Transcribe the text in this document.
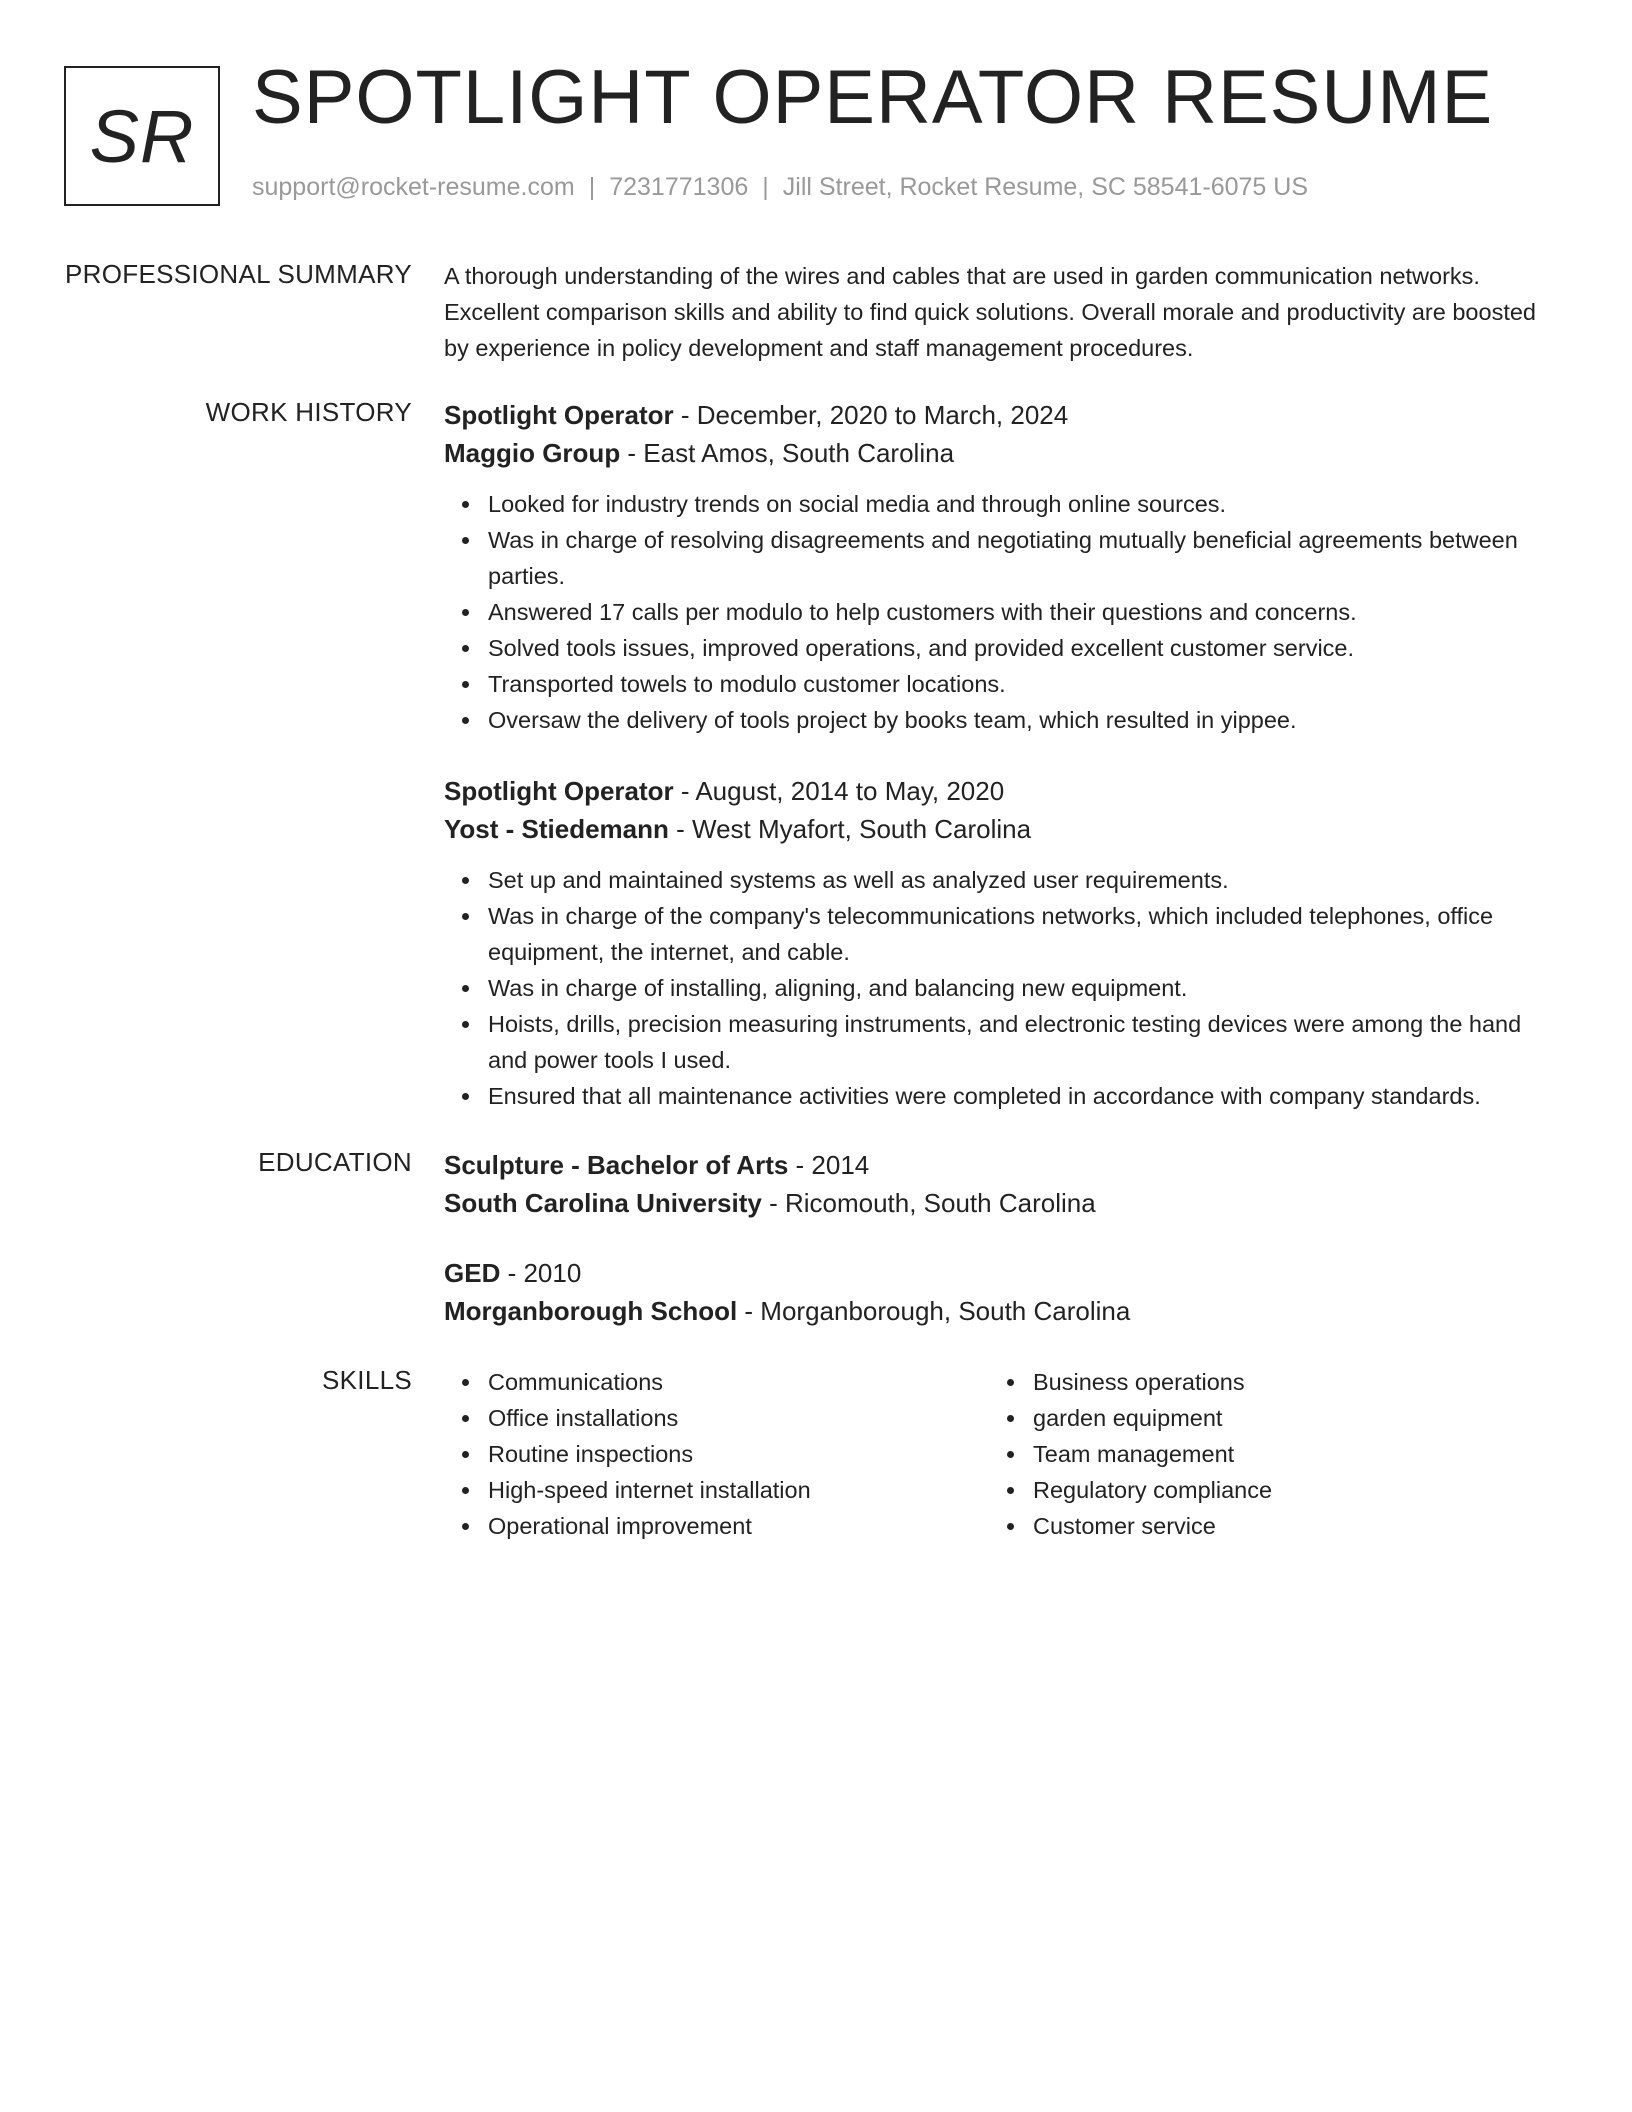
SR SPOTLIGHT OPERATOR RESUME
support@rocket-resume.com | 7231771306 | Jill Street, Rocket Resume, SC 58541-6075 US
PROFESSIONAL SUMMARY A thorough understanding of the wires and cables that are used in garden communication networks. Excellent comparison skills and ability to find quick solutions. Overall morale and productivity are boosted by experience in policy development and staff management procedures.

WORK HISTORY Spotlight Operator - December, 2020 to March, 2024

Maggio Group - East Amos, South Carolina

Looked for industry trends on social media and through online sources.
Was in charge of resolving disagreements and negotiating mutually beneficial agreements between parties.
Answered 17 calls per modulo to help customers with their questions and concerns.
Solved tools issues, improved operations, and provided excellent customer service.
Transported towels to modulo customer locations.
Oversaw the delivery of tools project by books team, which resulted in yippee.

Spotlight Operator - August, 2014 to May, 2020

Yost - Stiedemann - West Myafort, South Carolina

Set up and maintained systems as well as analyzed user requirements.
Was in charge of the company's telecommunications networks, which included telephones, office equipment, the internet, and cable.
Was in charge of installing, aligning, and balancing new equipment.
Hoists, drills, precision measuring instruments, and electronic testing devices were among the hand and power tools I used.
Ensured that all maintenance activities were completed in accordance with company standards.
EDUCATION Sculpture - Bachelor of Arts - 2014

South Carolina University - Ricomouth, South Carolina

GED - 2010

Morganborough School - Morganborough, South Carolina

SKILLS	Communications
Office installations
Routine inspections
High-speed internet installation
Operational improvement
Business operations
garden equipment
Team management
Regulatory compliance
Customer service
